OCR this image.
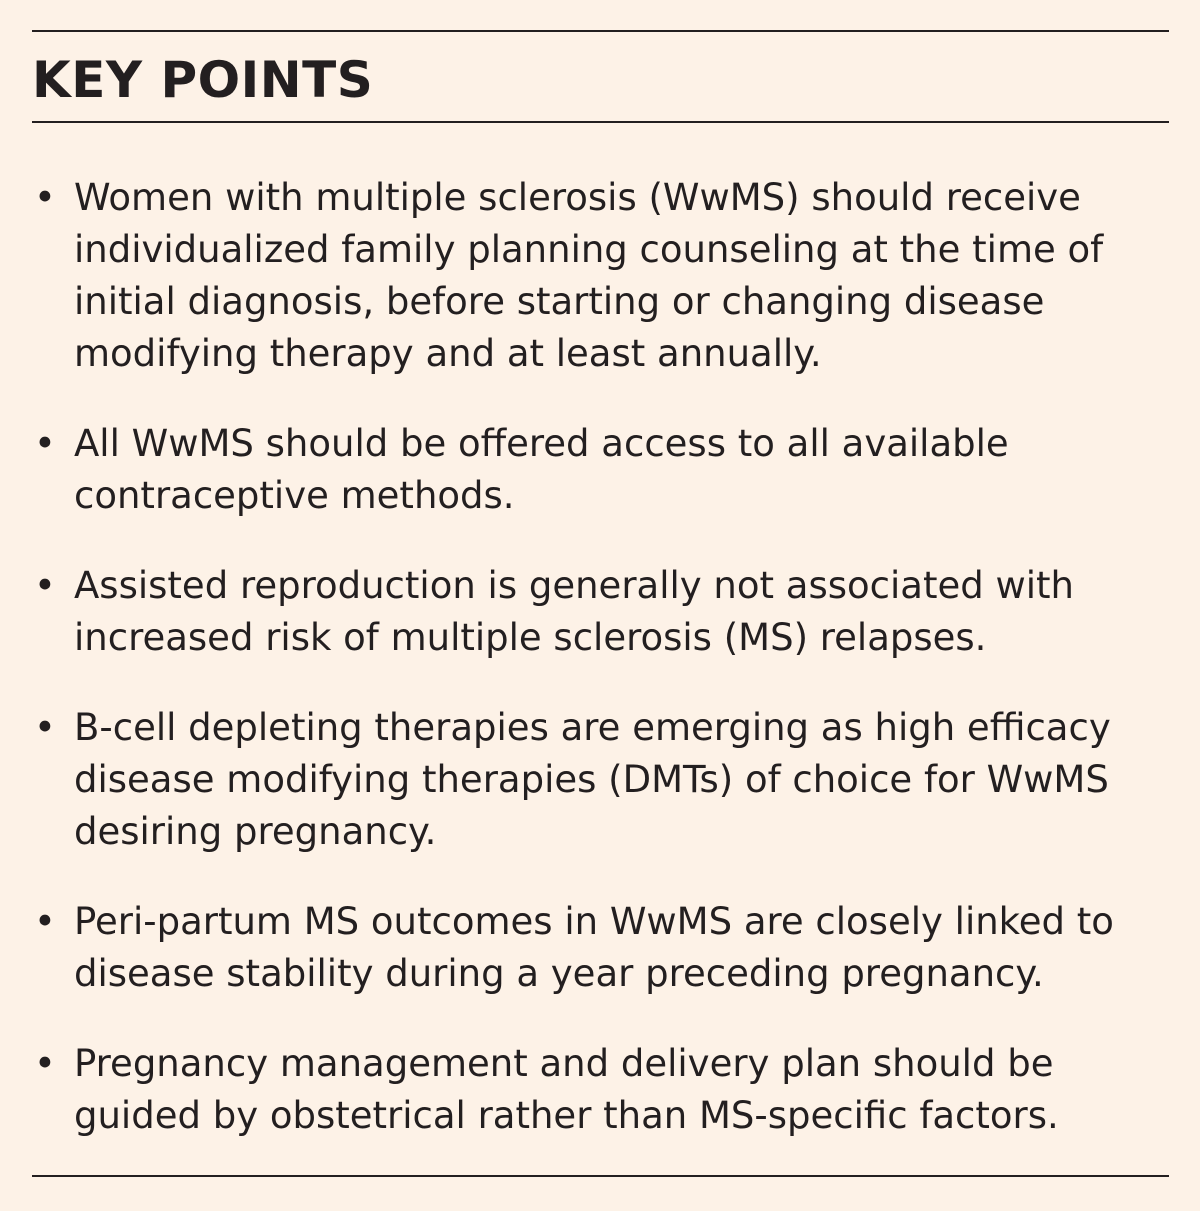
KEY POINTS
• Women with multiple sclerosis (WwMS) should receive individualized family planning counseling at the time of initial diagnosis, before starting or changing disease modifying therapy and at least annually.
• All WwMS should be offered access to all available contraceptive methods.
• Assisted reproduction is generally not associated with increased risk of multiple sclerosis (MS) relapses.
• B-cell depleting therapies are emerging as high efficacy disease modifying therapies (DMTs) of choice for WwMS desiring pregnancy.
• Peri-partum MS outcomes in WwMS are closely linked to disease stability during a year preceding pregnancy.
• Pregnancy management and delivery plan should be guided by obstetrical rather than MS-specific factors.
